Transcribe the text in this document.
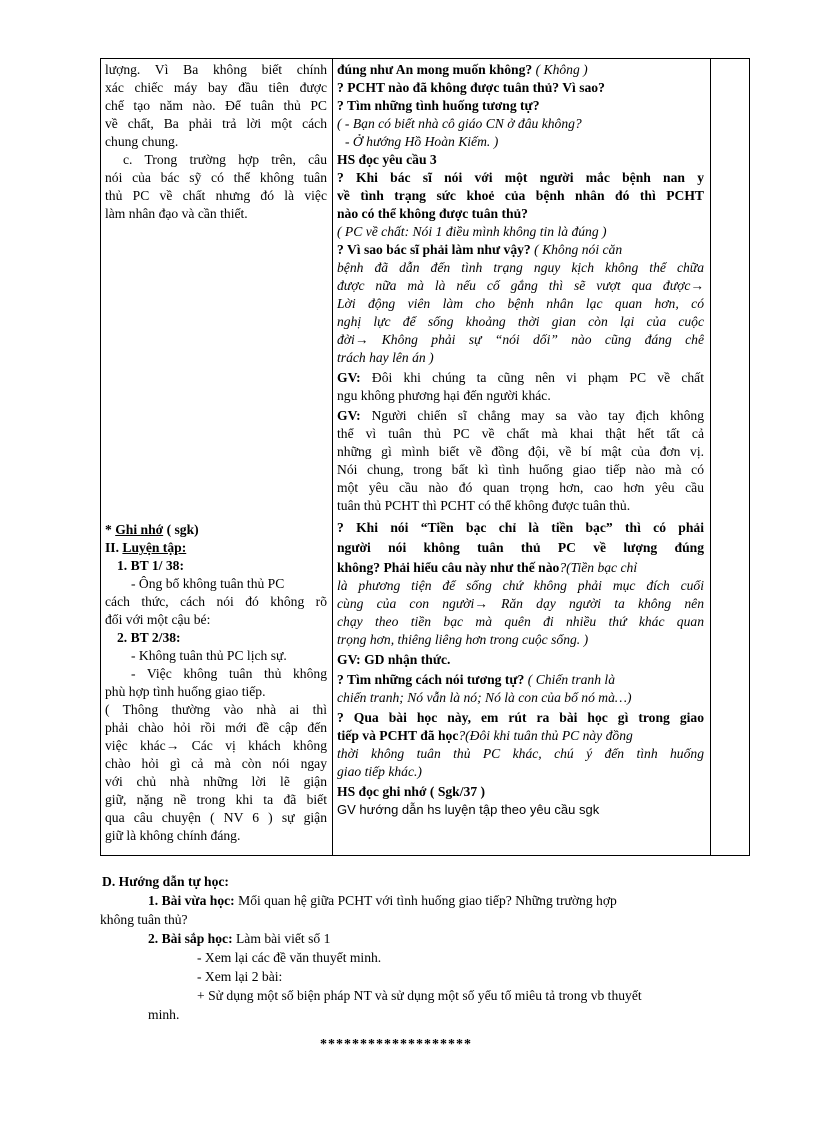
lượng. Vì Ba không biết chính
xác chiếc máy bay đầu tiên được
chế tạo năm nào. Để tuân thủ PC
về chất, Ba phải trả lời một cách
chung chung.
c. Trong trường hợp trên, câu
nói của bác sỹ có thể không tuân
thủ PC về chất nhưng đó là việc
làm nhân đạo và cần thiết.
* Ghi nhớ ( sgk)
II. Luyện tập:
1. BT 1/ 38:
- Ông bố không tuân thủ PC
cách thức, cách nói đó không rõ
đối với một cậu bé:
2. BT 2/38:
- Không tuân thủ PC lịch sự.
- Việc không tuân thủ không
phù hợp tình huống giao tiếp.
( Thông thường vào nhà ai thì
phải chào hỏi rồi mới đề cập đến
việc khác→ Các vị khách không
chào hỏi gì cả mà còn nói ngay
với chủ nhà những lời lẽ giận
giữ, nặng nề trong khi ta đã biết
qua câu chuyện ( NV 6 ) sự giận
giữ là không chính đáng.

đúng như An mong muốn không? ( Không )
? PCHT nào đã không được tuân thủ? Vì sao?
? Tìm những tình huống tương tự?
( - Bạn có biết nhà cô giáo CN ở đâu không?
- Ở hướng Hồ Hoàn Kiếm. )
HS đọc yêu cầu 3
? Khi bác sĩ nói với một người mắc bệnh nan y
về tình trạng sức khoẻ của bệnh nhân đó thì PCHT
nào có thể không được tuân thủ?
( PC về chất: Nói 1 điều mình không tin là đúng )
? Vì sao bác sĩ phải làm như vậy? ( Không nói căn
bệnh đã dẫn đến tình trạng nguy kịch không thể chữa
được nữa mà là nếu cố gắng thì sẽ vượt qua được→
Lời động viên làm cho bệnh nhân lạc quan hơn, có
nghị lực để sống khoảng thời gian còn lại của cuộc
đời→ Không phải sự “nói dối” nào cũng đáng chê
trách hay lên án )
GV: Đôi khi chúng ta cũng nên vi phạm PC về chất
ngu không phương hại đến người khác.
GV: Người chiến sĩ chẳng may sa vào tay địch không
thể vì tuân thủ PC về chất mà khai thật hết tất cả
những gì mình biết về đồng đội, về bí mật của đơn vị.
Nói chung, trong bất kì tình huống giao tiếp nào mà có
một yêu cầu nào đó quan trọng hơn, cao hơn yêu cầu
tuân thủ PCHT thì PCHT có thể không được tuân thủ.
? Khi nói “Tiền bạc chỉ là tiền bạc” thì có phải
người nói không tuân thủ PC về lượng đúng
không? Phải hiểu câu này như thế nào?(Tiền bạc chỉ
là phương tiện để sống chứ không phải mục đích cuối
cùng của con người→ Răn dạy người ta không nên
chạy theo tiền bạc mà quên đi nhiều thứ khác quan
trọng hơn, thiêng liêng hơn trong cuộc sống. )
GV: GD nhận thức.
? Tìm những cách nói tương tự? ( Chiến tranh là
chiến tranh; Nó vẫn là nó; Nó là con của bố nó mà…)
? Qua bài học này, em rút ra bài học gì trong giao
tiếp và PCHT đã học?(Đôi khi tuân thủ PC này đồng
thời không tuân thủ PC khác, chú ý đến tình huống
giao tiếp khác.)
HS đọc ghi nhớ ( Sgk/37 )
GV hướng dẫn hs luyện tập theo yêu cầu sgk

D. Hướng dẫn tự học:
1. Bài vừa học: Mối quan hệ giữa PCHT với tình huống giao tiếp? Những trường hợp
không tuân thủ?
2. Bài sắp học: Làm bài viết số 1
- Xem lại các đề văn thuyết minh.
- Xem lại 2 bài:
+ Sử dụng một số biện pháp NT và sử dụng một số yếu tố miêu tả trong vb thuyết
minh.
*******************
